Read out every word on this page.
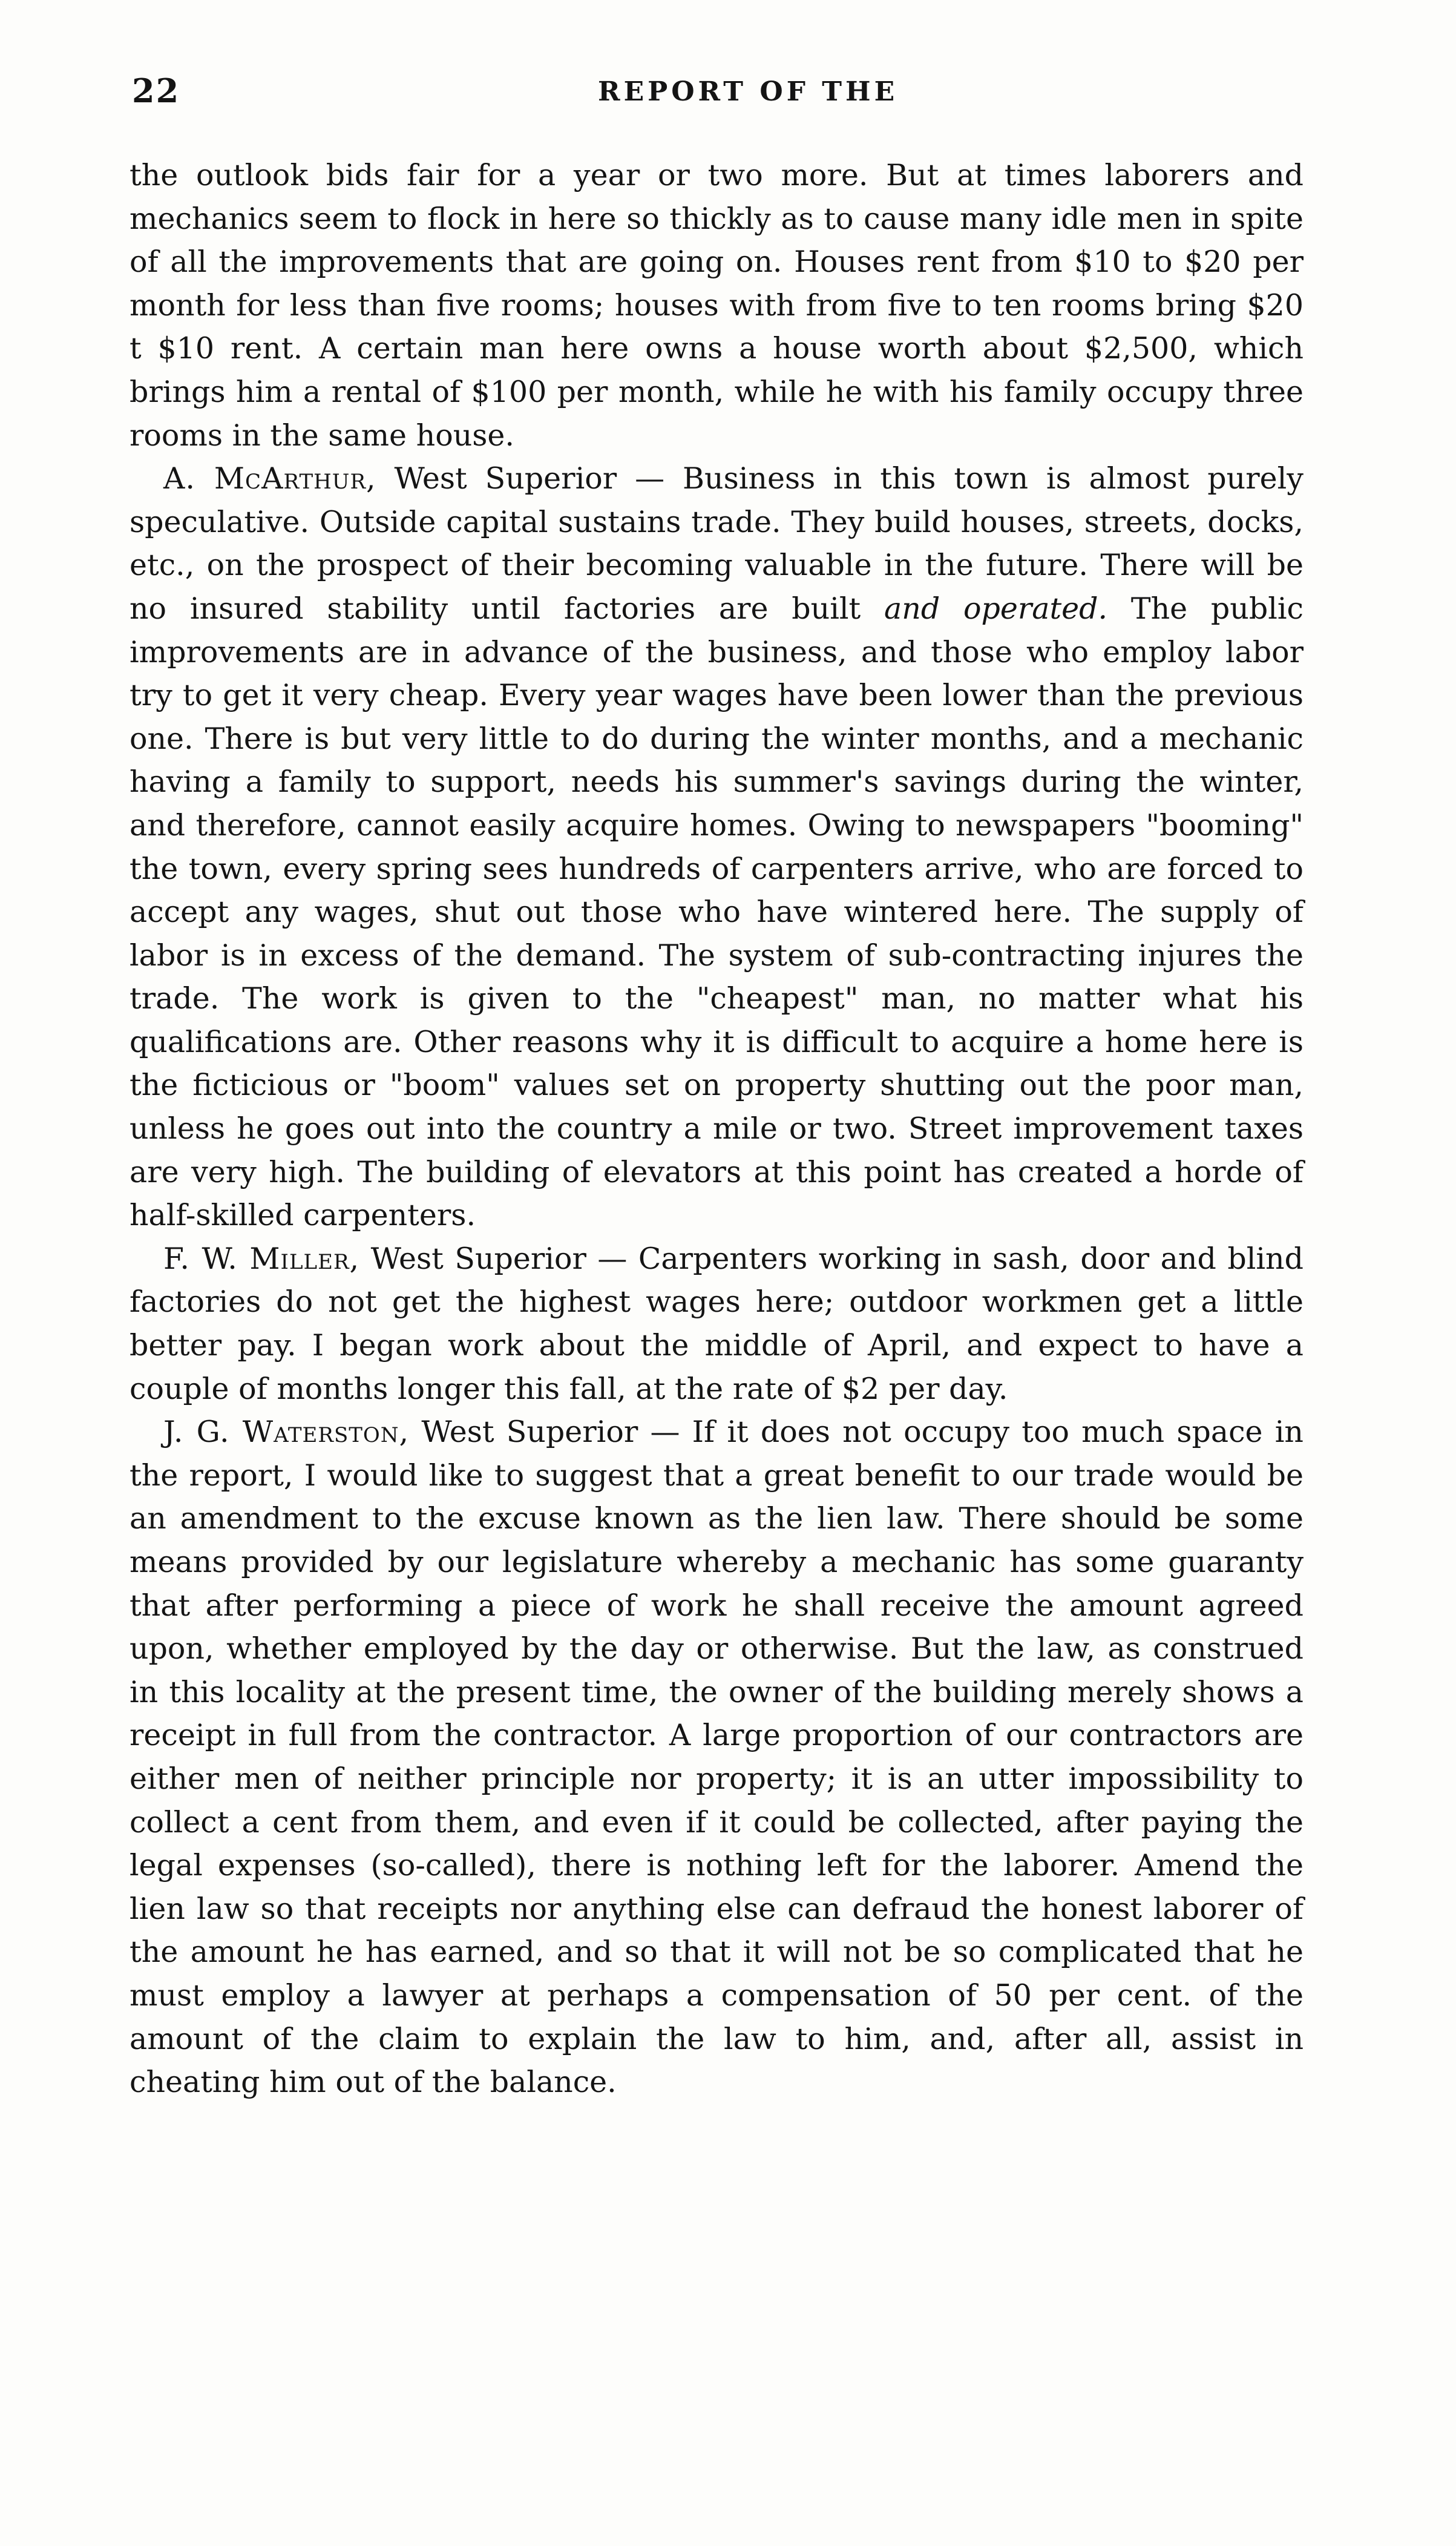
22	REPORT OF THE

the outlook bids fair for a year or two more. But at times laborers and mechanics seem to flock in here so thickly as to cause many idle men in spite of all the improvements that are going on. Houses rent from $10 to $20 per month for less than five rooms; houses with from five to ten rooms bring $20 t $10 rent. A certain man here owns a house worth about $2,500, which brings him a rental of $100 per month, while he with his family occupy three rooms in the same house.

A. McArthur, West Superior — Business in this town is almost purely speculative. Outside capital sustains trade. They build houses, streets, docks, etc., on the prospect of their becoming valuable in the future. There will be no insured stability until factories are built and operated. The public improvements are in advance of the business, and those who employ labor try to get it very cheap. Every year wages have been lower than the previous one. There is but very little to do during the winter months, and a mechanic having a family to support, needs his summer's savings during the winter, and therefore, cannot easily acquire homes. Owing to newspapers "booming" the town, every spring sees hundreds of carpenters arrive, who are forced to accept any wages, shut out those who have wintered here. The supply of labor is in excess of the demand. The system of sub-contracting injures the trade. The work is given to the "cheapest" man, no matter what his qualifications are. Other reasons why it is difficult to acquire a home here is the ficticious or "boom" values set on property shutting out the poor man, unless he goes out into the country a mile or two. Street improvement taxes are very high. The building of elevators at this point has created a horde of half-skilled carpenters.

F. W. Miller, West Superior — Carpenters working in sash, door and blind factories do not get the highest wages here; outdoor workmen get a little better pay. I began work about the middle of April, and expect to have a couple of months longer this fall, at the rate of $2 per day.

J. G. Waterston, West Superior — If it does not occupy too much space in the report, I would like to suggest that a great benefit to our trade would be an amendment to the excuse known as the lien law. There should be some means provided by our legislature whereby a mechanic has some guaranty that after performing a piece of work he shall receive the amount agreed upon, whether employed by the day or otherwise. But the law, as construed in this locality at the present time, the owner of the building merely shows a receipt in full from the contractor. A large proportion of our contractors are either men of neither principle nor property; it is an utter impossibility to collect a cent from them, and even if it could be collected, after paying the legal expenses (so-called), there is nothing left for the laborer. Amend the lien law so that receipts nor anything else can defraud the honest laborer of the amount he has earned, and so that it will not be so complicated that he must employ a lawyer at perhaps a compensation of 50 per cent. of the amount of the claim to explain the law to him, and, after all, assist in cheating him out of the balance.
